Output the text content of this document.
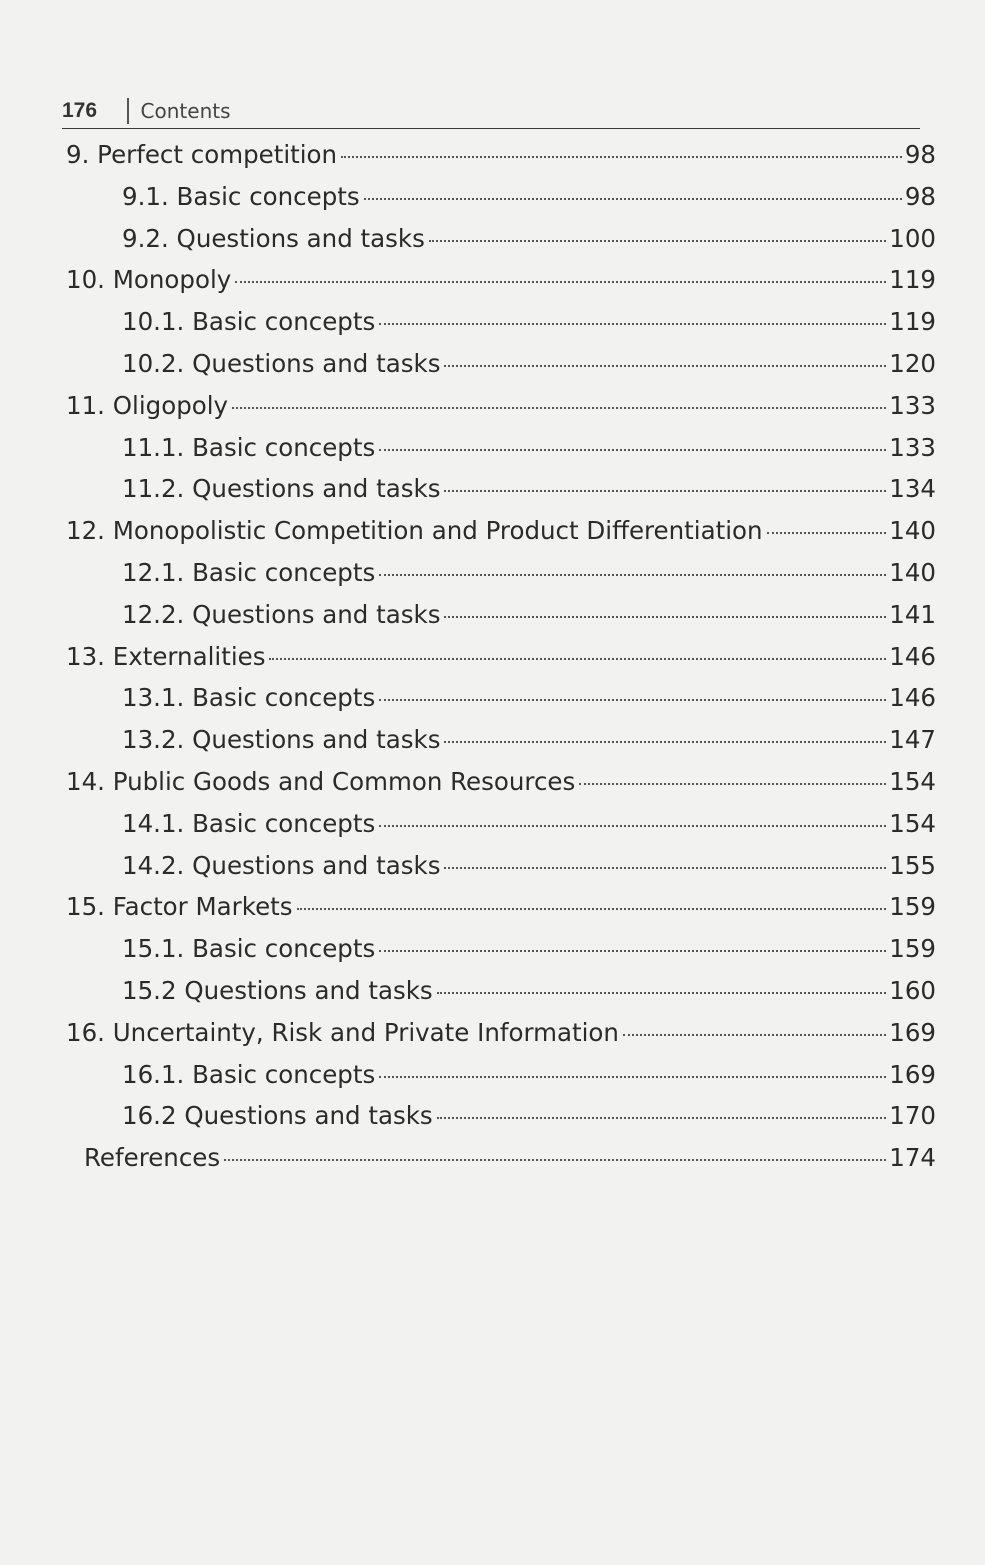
176 Contents
9. Perfect competition	98
9.1. Basic concepts	98
9.2. Questions and tasks	100
10. Monopoly	119
10.1. Basic concepts	119
10.2. Questions and tasks	120
11. Oligopoly	133
11.1. Basic concepts	133
11.2. Questions and tasks	134
12. Monopolistic Competition and Product Differentiation	140
12.1. Basic concepts	140
12.2. Questions and tasks	141
13. Externalities	146
13.1. Basic concepts	146
13.2. Questions and tasks	147
14. Public Goods and Common Resources	154
14.1. Basic concepts	154
14.2. Questions and tasks	155
15. Factor Markets	159
15.1. Basic concepts	159
15.2 Questions and tasks	160
16. Uncertainty, Risk and Private Information	169
16.1. Basic concepts	169
16.2 Questions and tasks	170
References	174
